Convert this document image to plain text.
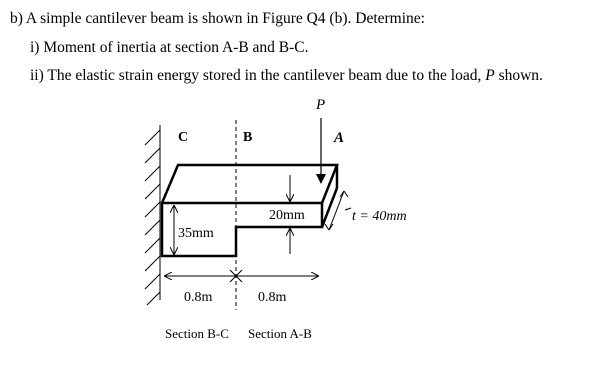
b) A simple cantilever beam is shown in Figure Q4 (b). Determine:
i) Moment of inertia at section A-B and B-C.
ii) The elastic strain energy stored in the cantilever beam due to the load, P shown.
P
C	B	A
35mm
20mm	t = 40mm
0.8m	0.8m
Section B-C Section A-B
